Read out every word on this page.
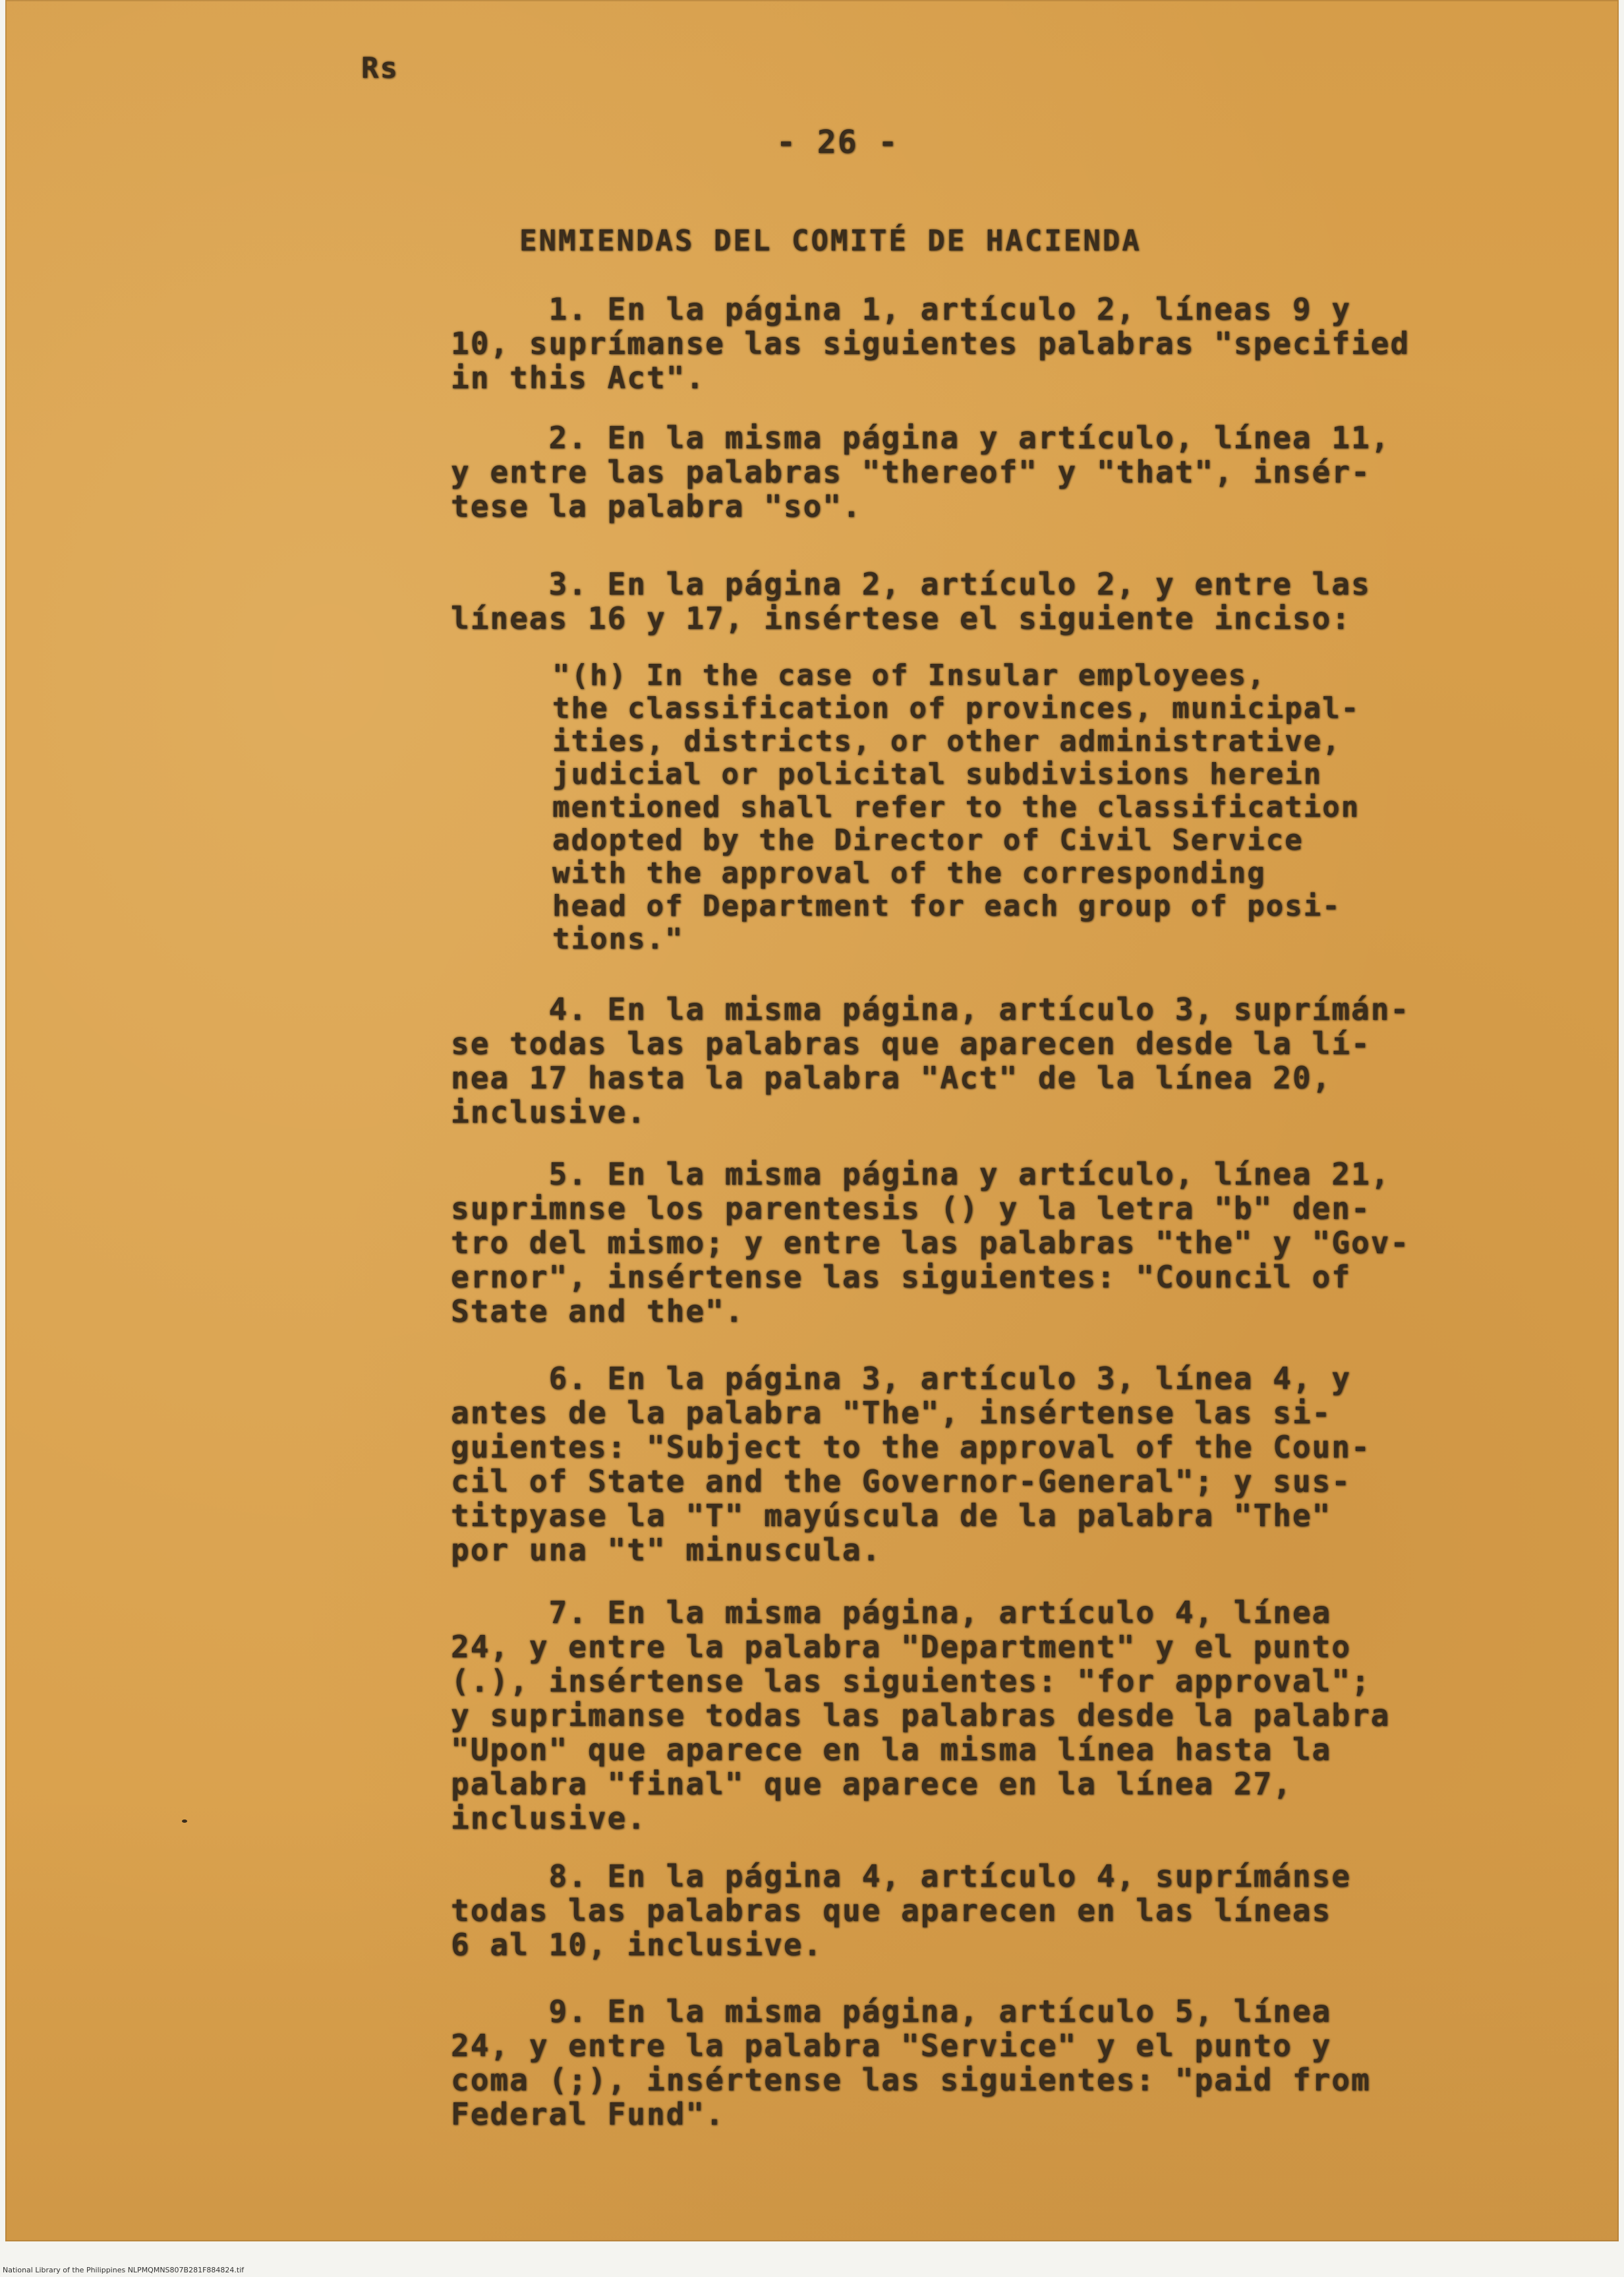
Rs
- 26 -
ENMIENDAS DEL COMITÉ DE HACIENDA

1. En la página 1, artículo 2, líneas 9 y
10, suprímanse las siguientes palabras "specified
in this Act".

2. En la misma página y artículo, línea 11,
y entre las palabras "thereof" y "that", insér-
tese la palabra "so".

3. En la página 2, artículo 2, y entre las
líneas 16 y 17, insértese el siguiente inciso:

"(h) In the case of Insular employees,
the classification of provinces, municipal-
ities, districts, or other administrative,
judicial or policital subdivisions herein
mentioned shall refer to the classification
adopted by the Director of Civil Service
with the approval of the corresponding
head of Department for each group of posi-
tions."

4. En la misma página, artículo 3, suprímán-
se todas las palabras que aparecen desde la lí-
nea 17 hasta la palabra "Act" de la línea 20,
inclusive.

5. En la misma página y artículo, línea 21,
suprimnse los parentesis () y la letra "b" den-
tro del mismo; y entre las palabras "the" y "Gov-
ernor", insértense las siguientes: "Council of
State and the".

6. En la página 3, artículo 3, línea 4, y
antes de la palabra "The", insértense las si-
guientes: "Subject to the approval of the Coun-
cil of State and the Governor-General"; y sus-
titpyase la "T" mayúscula de la palabra "The"
por una "t" minuscula.

7. En la misma página, artículo 4, línea
24, y entre la palabra "Department" y el punto
(.), insértense las siguientes: "for approval";
y suprimanse todas las palabras desde la palabra
"Upon" que aparece en la misma línea hasta la
palabra "final" que aparece en la línea 27,
inclusive.

8. En la página 4, artículo 4, suprímánse
todas las palabras que aparecen en las líneas
6 al 10, inclusive.

9. En la misma página, artículo 5, línea
24, y entre la palabra "Service" y el punto y
coma (;), insértense las siguientes: "paid from
Federal Fund".

National Library of the Philippines NLPMQMNS807B281F884824.tif
